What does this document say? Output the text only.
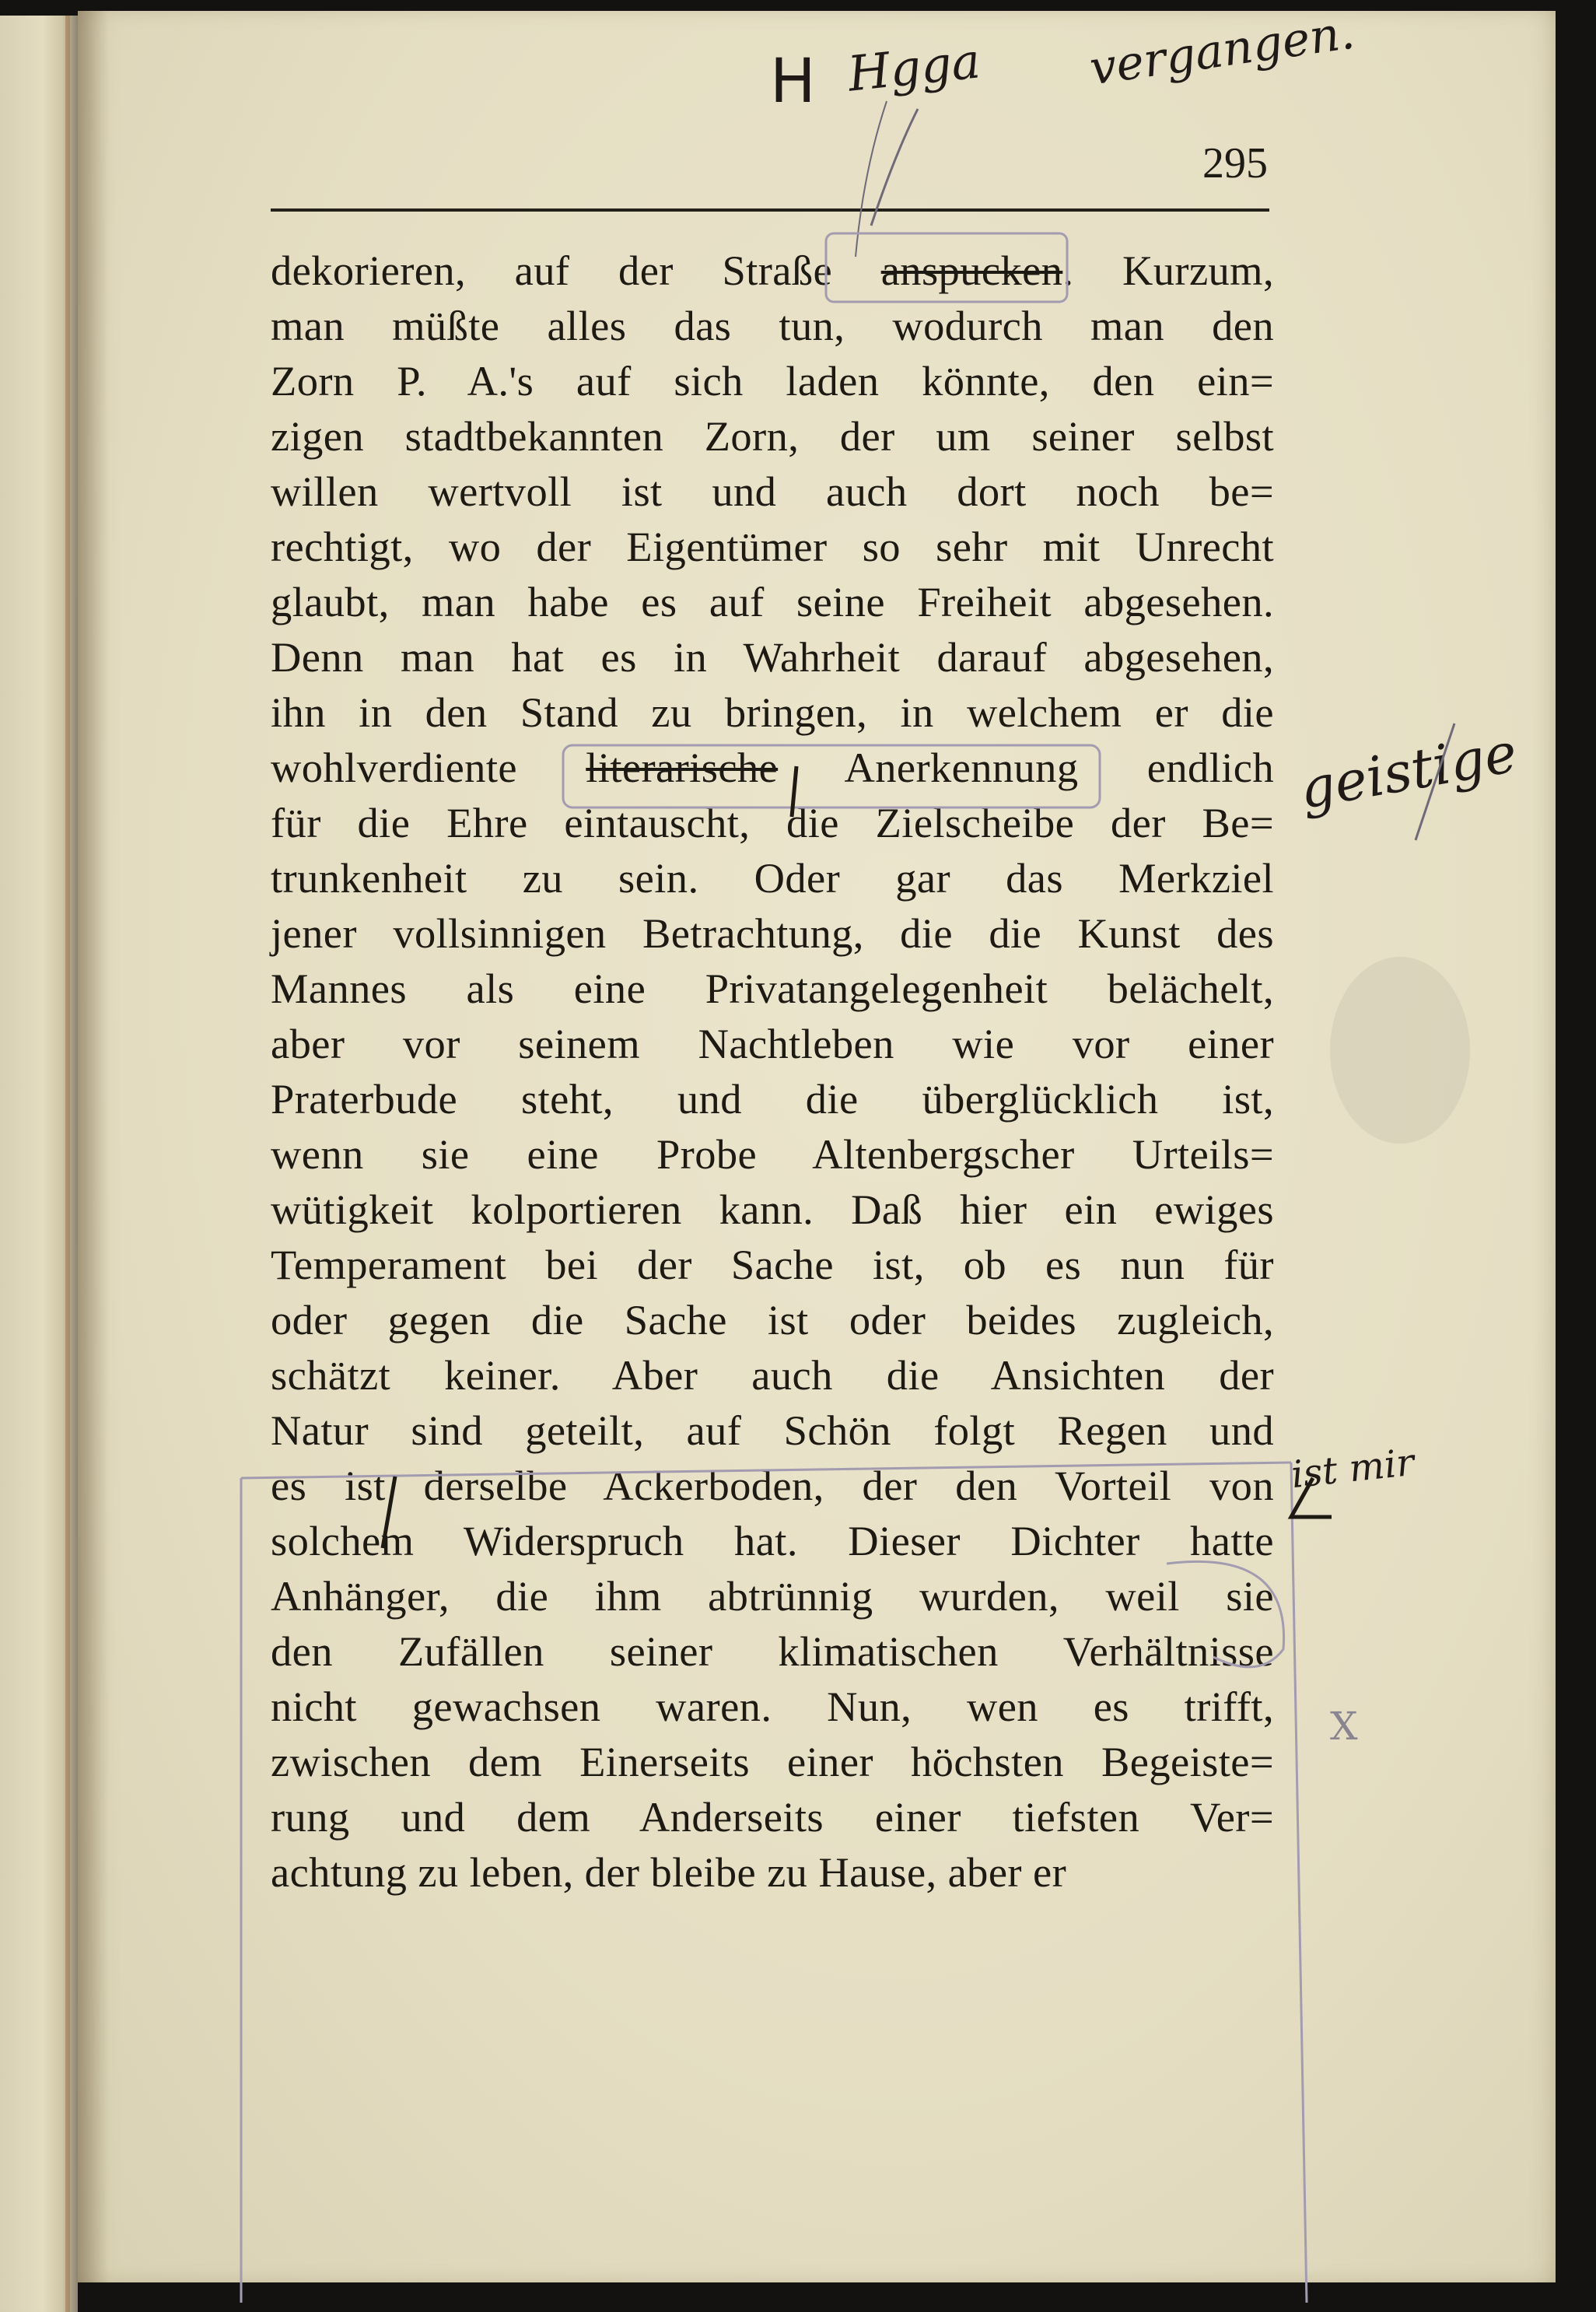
295
dekorieren, auf der Straße anspucken. Kurzum,
man müßte alles das tun, wodurch man den
Zorn P. A.'s auf sich laden könnte, den ein=
zigen stadtbekannten Zorn, der um seiner selbst
willen wertvoll ist und auch dort noch be=
rechtigt, wo der Eigentümer so sehr mit Unrecht
glaubt, man habe es auf seine Freiheit abgesehen.
Denn man hat es in Wahrheit darauf abgesehen,
ihn in den Stand zu bringen, in welchem er die
wohlverdiente literarische Anerkennung endlich
für die Ehre eintauscht, die Zielscheibe der Be=
trunkenheit zu sein. Oder gar das Merkziel
jener vollsinnigen Betrachtung, die die Kunst des
Mannes als eine Privatangelegenheit belächelt,
aber vor seinem Nachtleben wie vor einer
Praterbude steht, und die überglücklich ist,
wenn sie eine Probe Altenbergscher Urteils=
wütigkeit kolportieren kann. Daß hier ein ewiges
Temperament bei der Sache ist, ob es nun für
oder gegen die Sache ist oder beides zugleich,
schätzt keiner. Aber auch die Ansichten der
Natur sind geteilt, auf Schön folgt Regen und
es ist derselbe Ackerboden, der den Vorteil von
solchem Widerspruch hat. Dieser Dichter hatte
Anhänger, die ihm abtrünnig wurden, weil sie
den Zufällen seiner klimatischen Verhältnisse
nicht gewachsen waren. Nun, wen es trifft,
zwischen dem Einerseits einer höchsten Begeiste=
rung und dem Anderseits einer tiefsten Ver=
achtung zu leben, der bleibe zu Hause, aber er
H Hgga vergangen.
geistige
ist mir
X
